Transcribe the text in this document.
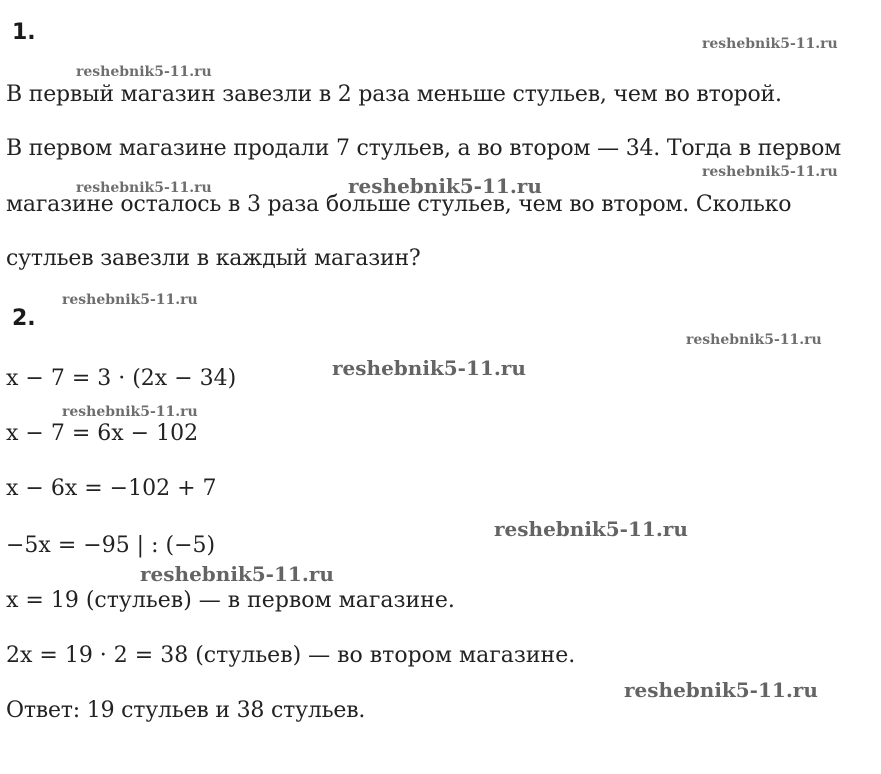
1.
В первый магазин завезли в 2 раза меньше стульев, чем во второй.
В первом магазине продали 7 стульев, а во втором — 34. Тогда в первом
магазине осталось в 3 раза больше стульев, чем во втором. Сколько
сутльев завезли в каждый магазин?
2.
x − 7 = 3 · (2x − 34)
x − 7 = 6x − 102
x − 6x = −102 + 7
−5x = −95 | : (−5)
x = 19 (стульев) — в первом магазине.
2x = 19 · 2 = 38 (стульев) — во втором магазине.
Ответ: 19 стульев и 38 стульев.
reshebnik5-11.ru
reshebnik5-11.ru
reshebnik5-11.ru	reshebnik5-11.ru
reshebnik5-11.ru
reshebnik5-11.ru
reshebnik5-11.ru
reshebnik5-11.ru
reshebnik5-11.ru
reshebnik5-11.ru
reshebnik5-11.ru
reshebnik5-11.ru
